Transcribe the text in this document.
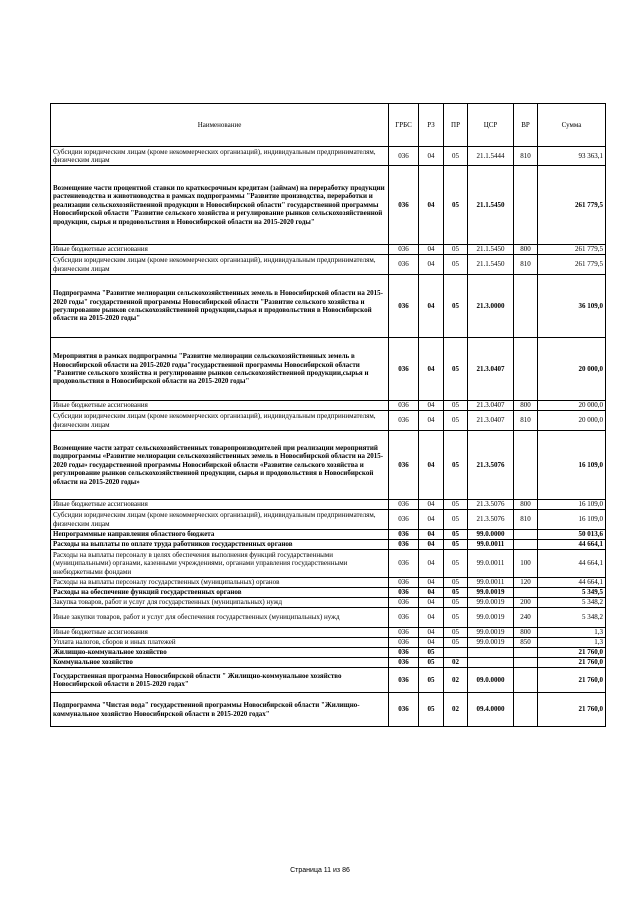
Наименование	ГРБС	РЗ	ПР	ЦСР	ВР	Сумма
Субсидии юридическим лицам (кроме некоммерческих организаций), индивидуальным предпринимателям, физическим лицам	036	04	05	21.1.5444	810	93 363,1
Возмещение части процентной ставки по краткосрочным кредитам (займам) на переработку продукции растениеводства и животноводства в рамках подпрограммы "Развитие производства, переработки и реализации сельскохозяйственной продукции в Новосибирской области" государственной программы Новосибирской области "Развитие сельского хозяйства и регулирование рынков сельскохозяйственной продукции, сырья и продовольствия в Новосибирской области на 2015-2020 годы"	036	04	05	21.1.5450		261 779,5
Иные бюджетные ассигнования	036	04	05	21.1.5450	800	261 779,5
Субсидии юридическим лицам (кроме некоммерческих организаций), индивидуальным предпринимателям, физическим лицам	036	04	05	21.1.5450	810	261 779,5
Подпрограмма "Развитие мелиорации сельскохозяйственных земель в Новосибирской области на 2015-2020 годы" государственной программы Новосибирской области "Развитие сельского хозяйства и регулирование рынков сельскохозяйственной продукции,сырья и продовольствия в Новосибирской области на 2015-2020 годы"	036	04	05	21.3.0000		36 109,0
Мероприятия в рамках подпрограммы "Развитие мелиорации сельскохозяйственных земель в Новосибирской области на 2015-2020 годы"государственной программы Новосибирской области "Развитие сельского хозяйства и регулирование рынков сельскохозяйственной продукции,сырья и продовольствия в Новосибирской области на 2015-2020 годы"	036	04	05	21.3.0407		20 000,0
Иные бюджетные ассигнования	036	04	05	21.3.0407	800	20 000,0
Субсидии юридическим лицам (кроме некоммерческих организаций), индивидуальным предпринимателям, физическим лицам	036	04	05	21.3.0407	810	20 000,0
Возмещение части затрат сельскохозяйственных товаропроизводителей при реализации мероприятий подпрограммы «Развитие мелиорации сельскохозяйственных земель в Новосибирской области на 2015-2020 годы» государственной программы Новосибирской области «Развитие сельского хозяйства и регулирование рынков сельскохозяйственной продукции, сырья и продовольствия в Новосибирской области на 2015-2020 годы»	036	04	05	21.3.5076		16 109,0
Иные бюджетные ассигнования	036	04	05	21.3.5076	800	16 109,0
Субсидии юридическим лицам (кроме некоммерческих организаций), индивидуальным предпринимателям, физическим лицам	036	04	05	21.3.5076	810	16 109,0
Непрограммные направления областного бюджета	036	04	05	99.0.0000		50 013,6
Расходы на выплаты по оплате труда работников государственных органов	036	04	05	99.0.0011		44 664,1
Расходы на выплаты персоналу в целях обеспечения выполнения функций государственными (муниципальными) органами, казенными учреждениями, органами управления государственными внебюджетными фондами	036	04	05	99.0.0011	100	44 664,1
Расходы на выплаты персоналу государственных (муниципальных) органов	036	04	05	99.0.0011	120	44 664,1
Расходы на обеспечение функций государственных органов	036	04	05	99.0.0019		5 349,5
Закупка товаров, работ и услуг для государственных (муниципальных) нужд	036	04	05	99.0.0019	200	5 348,2
Иные закупки товаров, работ и услуг для обеспечения государственных (муниципальных) нужд	036	04	05	99.0.0019	240	5 348,2
Иные бюджетные ассигнования	036	04	05	99.0.0019	800	1,3
Уплата налогов, сборов и иных платежей	036	04	05	99.0.0019	850	1,3
Жилищно-коммунальное хозяйство	036	05				21 760,0
Коммунальное хозяйство	036	05	02			21 760,0
Государственная программа Новосибирской области " Жилищно-коммунальное хозяйство Новосибирской области в 2015-2020 годах"	036	05	02	09.0.0000		21 760,0
Подпрограмма "Чистая вода" государственной программы Новосибирской области "Жилищно-коммунальное хозяйство Новосибирской области в 2015-2020 годах"	036	05	02	09.4.0000		21 760,0
Страница 11 из 86
